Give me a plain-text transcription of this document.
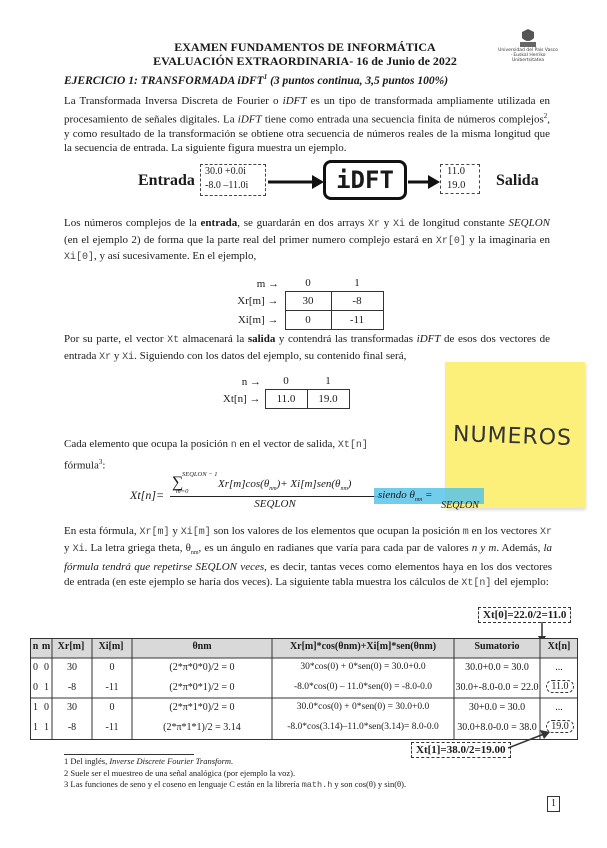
EXAMEN FUNDAMENTOS DE INFORMÁTICA
EVALUACIÓN EXTRAORDINARIA- 16 de Junio de 2022
Universidad del País Vasco · Euskal Herriko Unibertsitatea
EJERCICIO 1: TRANSFORMADA iDFT$^1$ (3 puntos continua, 3,5 puntos 100%)
La Transformada Inversa Discreta de Fourier o iDFT es un tipo de transformada ampliamente utilizada en procesamiento de señales digitales. La iDFT tiene como entrada una secuencia finita de números complejos$^2$, y como resultado de la transformación se obtiene otra secuencia de números reales de la misma longitud que la secuencia de entrada. La siguiente figura muestra un ejemplo.
Entrada
30.0 +0.0i
-8.0 –11.0i	iDFT	11.0
19.0	Salida
Los números complejos de la entrada, se guardarán en dos arrays Xr y Xi de longitud constante SEQLON (en el ejemplo 2) de forma que la parte real del primer numero complejo estará en Xr[0] y la imaginaria en Xi[0], y así sucesivamente. En el ejemplo,
m →	0	1
Xr[m] →	30	-8
Xi[m] →	0	-11
Por su parte, el vector Xt almacenará la salida y contendrá las transformadas iDFT de esos dos vectores de entrada Xr y Xi. Siguiendo con los datos del ejemplo, su contenido final será,
n →	0	1
Xt[n] →	11.0	19.0
NUMEROS
Cada elemento que ocupa la posición n en el vector de salida, Xt[n]
fórmula$^3$:
Xt[n]=
∑
SEQLON − 1
m=0
$Xr[m]\cos(\theta_{nm})+ Xi[m]sen(\theta_{nm})$
SEQLON
siendo $\theta_{nm}$ =
SEQLON
En esta fórmula, Xr[m] y Xi[m] son los valores de los elementos que ocupan la posición m en los vectores Xr y Xi. La letra griega theta, $\theta_{nm}$, es un ángulo en radianes que varía para cada par de valores n y m. Además, la fórmula tendrá que repetirse SEQLON veces, es decir, tantas veces como elementos haya en los dos vectores de entrada (en este ejemplo se haría dos veces). La siguiente tabla muestra los cálculos de Xt[n] del ejemplo:
Xt[0]=22.0/2=11.0
n m Xr[m]	Xi[m]	θnm	Xr[m]*cos(θnm)+Xi[m]*sen(θnm)	Sumatorio	Xt[n]
0 0	30	0	(2*π*0*0)/2 = 0	30*cos(0) + 0*sen(0) = 30.0+0.0	30.0+0.0 = 30.0	...
0 1	-8	-11	(2*π*0*1)/2 = 0	-8.0*cos(0) – 11.0*sen(0) = -8.0-0.0	30.0+-8.0-0.0 = 22.0	11.0
1 0	30	0	(2*π*1*0)/2 = 0	30.0*cos(0) + 0*sen(0) = 30.0+0.0	30+0.0 = 30.0	...
1 1	-8	-11	(2*π*1*1)/2 = 3.14	-8.0*cos(3.14)–11.0*sen(3.14)= 8.0-0.0	30.0+8.0-0.0 = 38.0	19.0
Xt[1]=38.0/2=19.00
1 Del inglés, Inverse Discrete Fourier Transform.
2 Suele ser el muestreo de una señal analógica (por ejemplo la voz).
3 Las funciones de seno y el coseno en lenguaje C están en la librería math.h y son cos(θ) y sin(θ).
1
